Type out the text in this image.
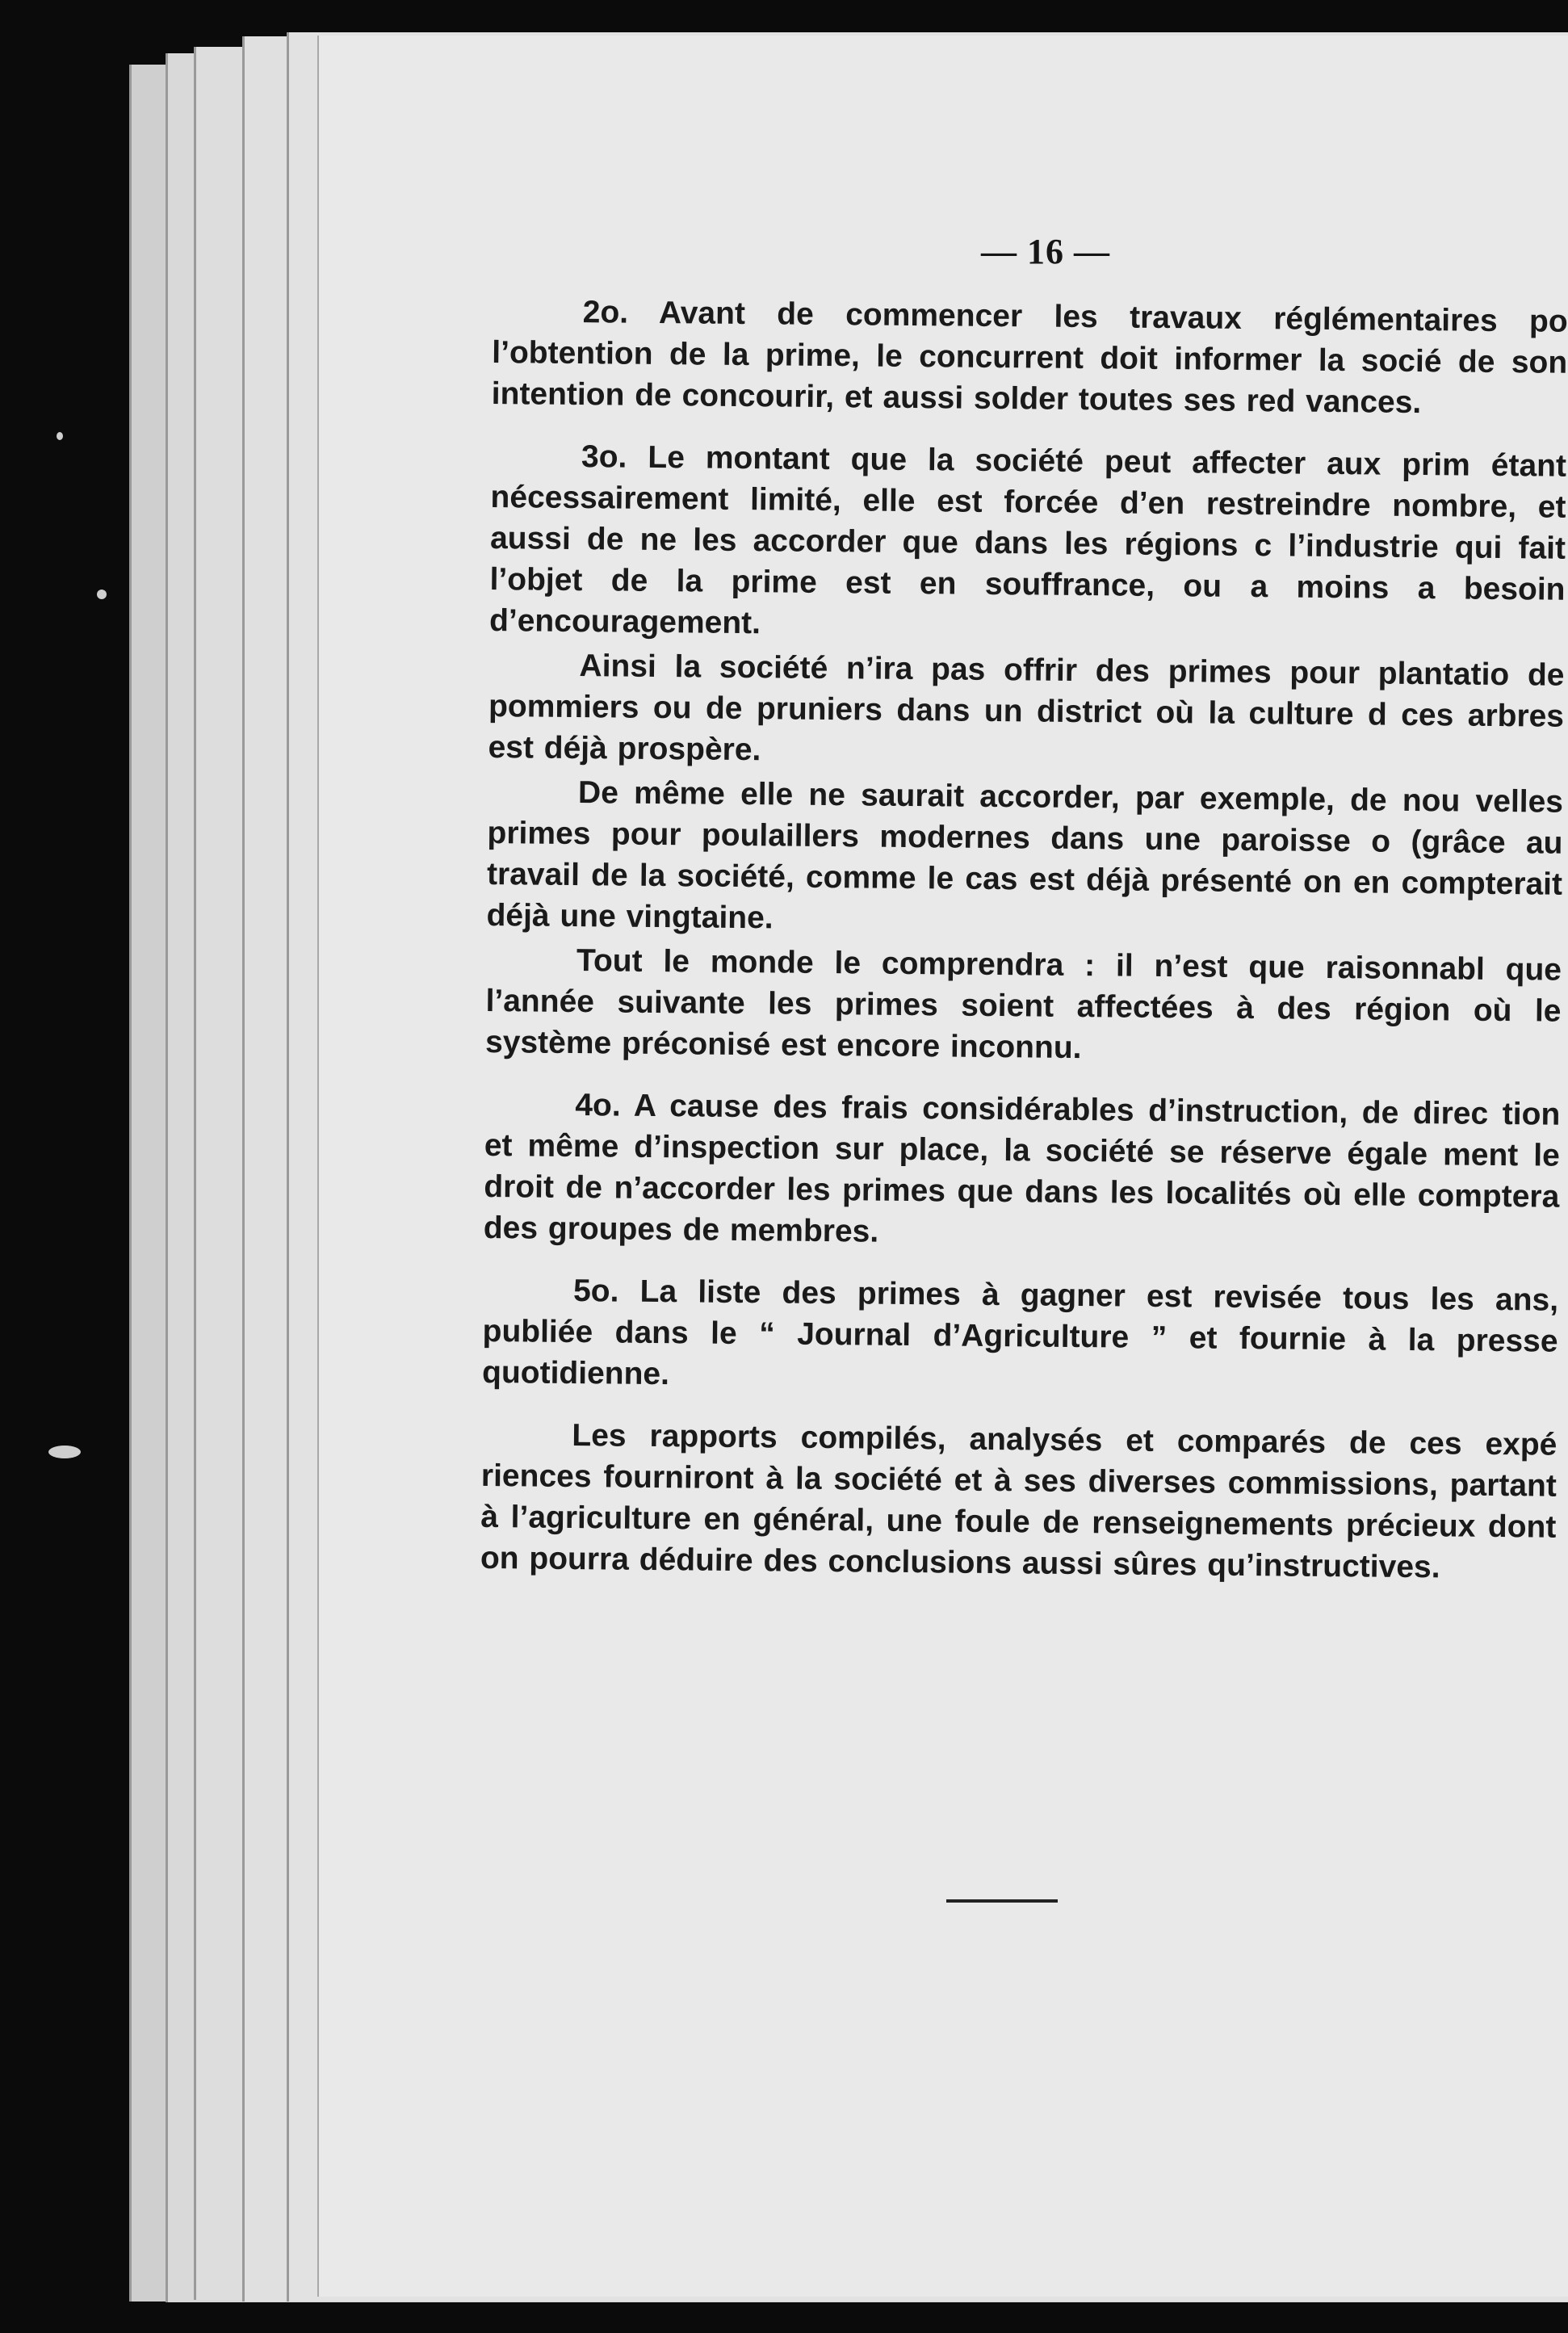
— 16 —

2o. Avant de commencer les travaux réglémentaires po l’obtention de la prime, le concurrent doit informer la socié de son intention de concourir, et aussi solder toutes ses red vances.

3o. Le montant que la société peut affecter aux prim étant nécessairement limité, elle est forcée d’en restreindre nombre, et aussi de ne les accorder que dans les régions c l’industrie qui fait l’objet de la prime est en souffrance, ou a moins a besoin d’encouragement.

Ainsi la société n’ira pas offrir des primes pour plantatio de pommiers ou de pruniers dans un district où la culture d ces arbres est déjà prospère.

De même elle ne saurait accorder, par exemple, de nou velles primes pour poulaillers modernes dans une paroisse o (grâce au travail de la société, comme le cas est déjà présenté on en compterait déjà une vingtaine.

Tout le monde le comprendra : il n’est que raisonnabl que l’année suivante les primes soient affectées à des région où le système préconisé est encore inconnu.

4o. A cause des frais considérables d’instruction, de direc tion et même d’inspection sur place, la société se réserve égale ment le droit de n’accorder les primes que dans les localités où elle comptera des groupes de membres.

5o. La liste des primes à gagner est revisée tous les ans, publiée dans le “ Journal d’Agriculture ” et fournie à la presse quotidienne.

Les rapports compilés, analysés et comparés de ces expé riences fourniront à la société et à ses diverses commissions, partant à l’agriculture en général, une foule de renseignements précieux dont on pourra déduire des conclusions aussi sûres qu’instructives.
